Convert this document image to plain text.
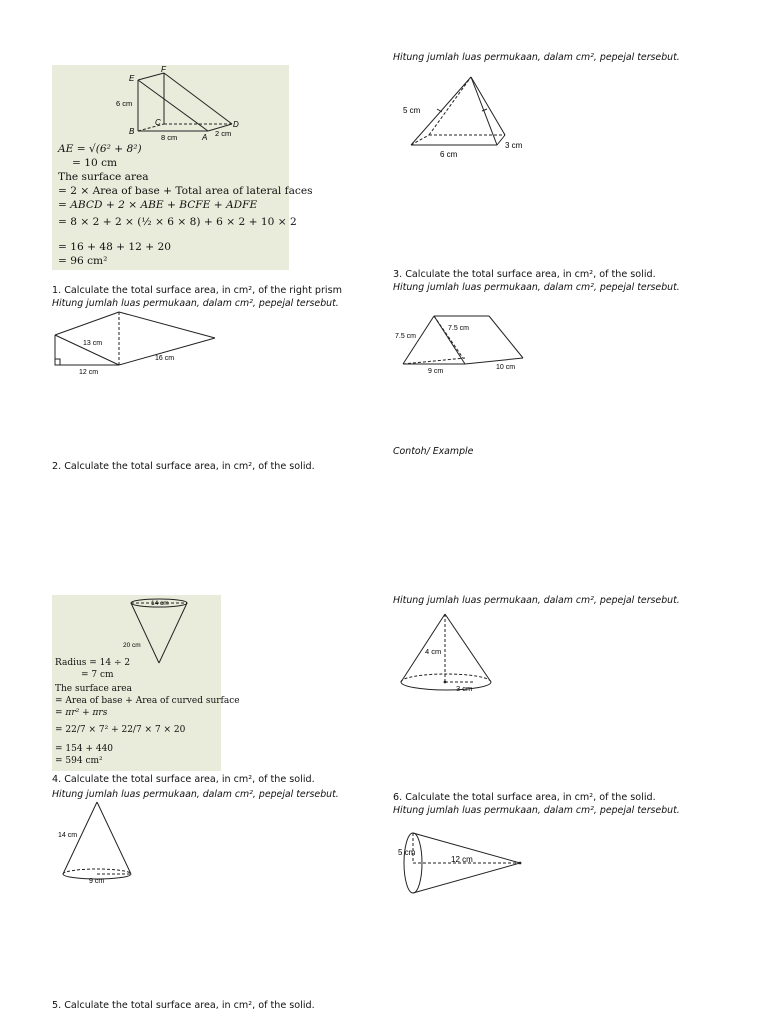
E
F
6 cm
B
C
8 cm	A
D
2 cm
AE = √(6² + 8²)
= 10 cm
The surface area
= 2 × Area of base + Total area of lateral faces
= ABCD + 2 × ABE + BCFE + ADFE
= 8 × 2 + 2 × (½ × 6 × 8) + 6 × 2 + 10 × 2
= 16 + 48 + 12 + 20
= 96 cm²
1. Calculate the total surface area, in cm², of the right prism
Hitung jumlah luas permukaan, dalam cm², pepejal tersebut.
13 cm
16 cm
12 cm
2. Calculate the total surface area, in cm², of the solid.
Hitung jumlah luas permukaan, dalam cm², pepejal tersebut.
5 cm
6 cm
3 cm
3. Calculate the total surface area, in cm², of the solid.
Hitung jumlah luas permukaan, dalam cm², pepejal tersebut.
7.5 cm
7.5 cm
9 cm
10 cm
Contoh/ Example
14 cm
20 cm
Radius = 14 ÷ 2
= 7 cm
The surface area
= Area of base + Area of curved surface
= πr² + πrs
= 22/7 × 7² + 22/7 × 7 × 20
= 154 + 440
= 594 cm²
4. Calculate the total surface area, in cm², of the solid.
Hitung jumlah luas permukaan, dalam cm², pepejal tersebut.
14 cm
9 cm
5. Calculate the total surface area, in cm², of the solid.
Hitung jumlah luas permukaan, dalam cm², pepejal tersebut.
4 cm
3 cm
6. Calculate the total surface area, in cm², of the solid.
Hitung jumlah luas permukaan, dalam cm², pepejal tersebut.
5 cm
12 cm
